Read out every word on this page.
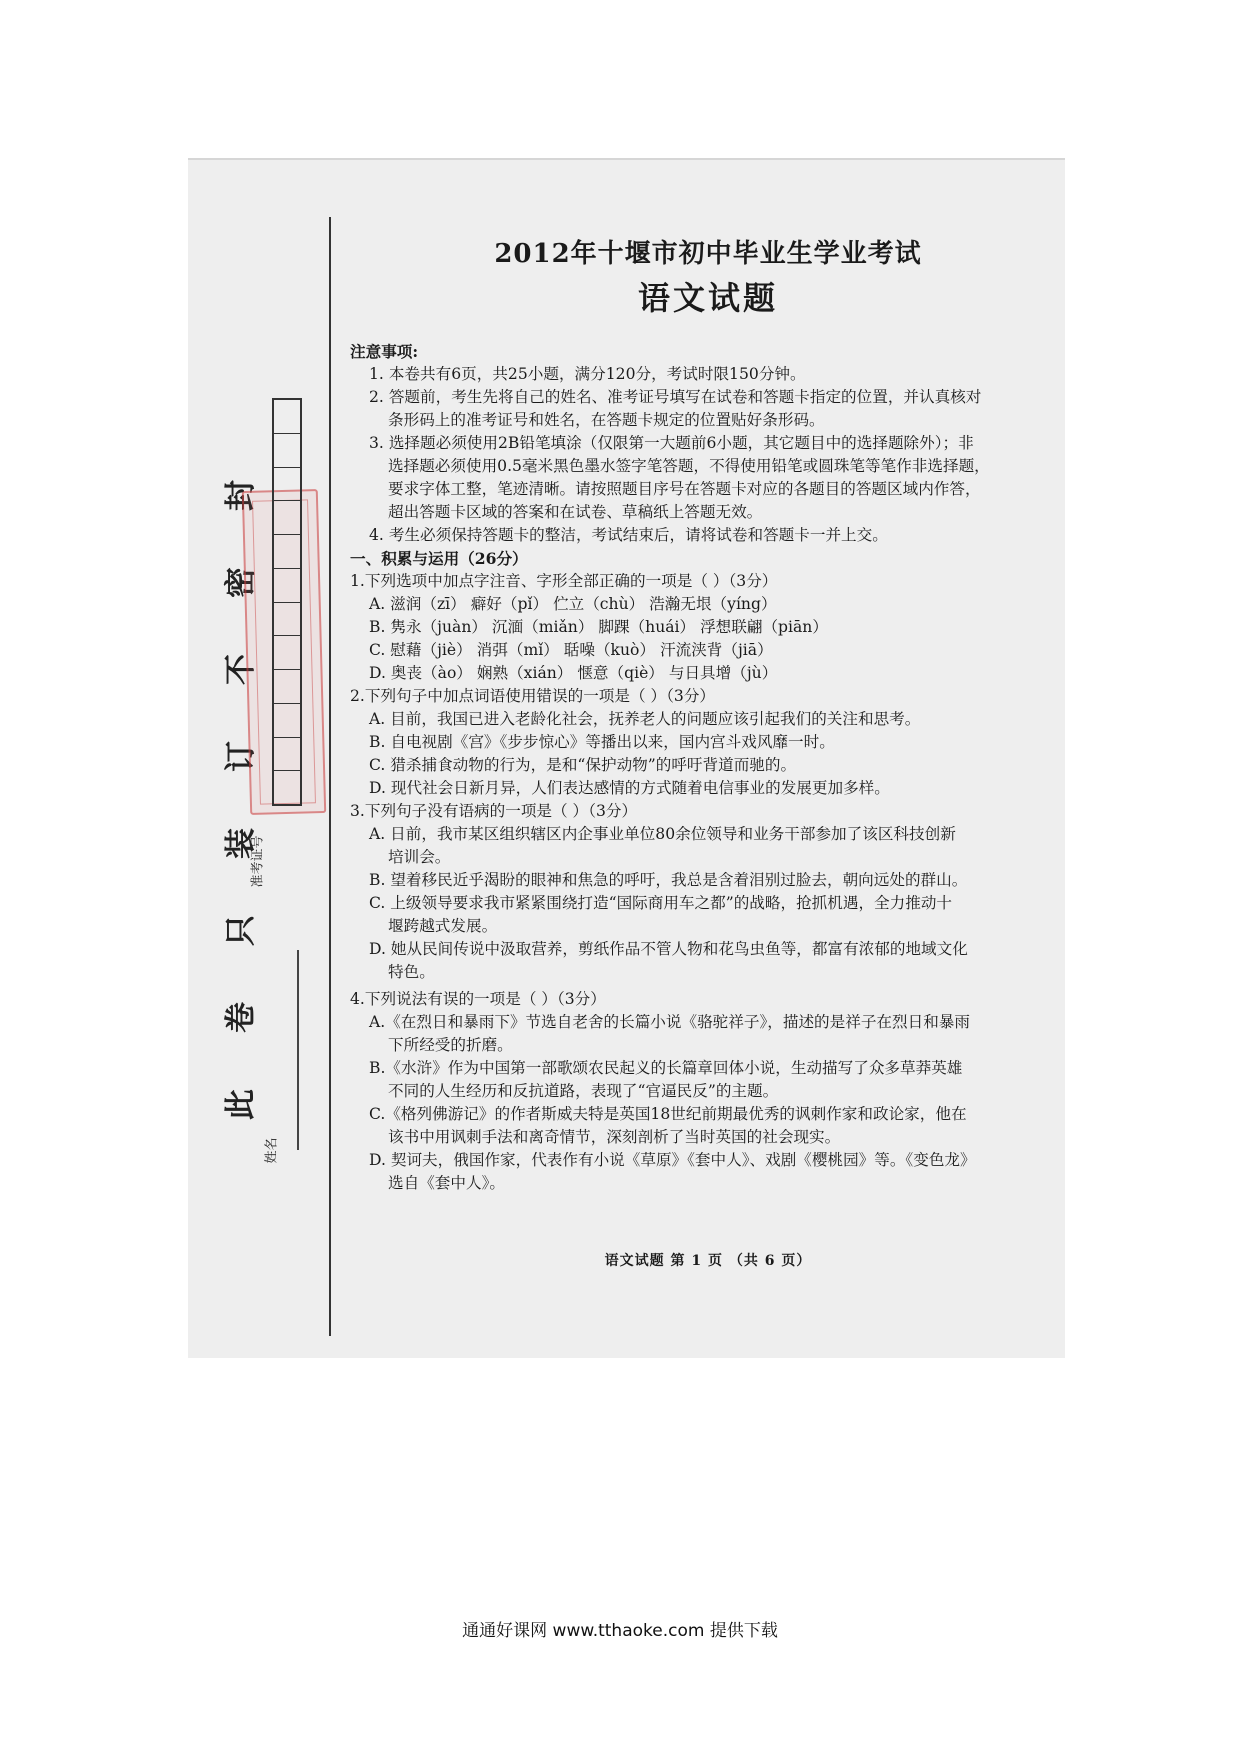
封
密
不
订
装
只
卷
此
准考证号
姓名
2012年十堰市初中毕业生学业考试
语文试题
注意事项:
1. 本卷共有6页，共25小题，满分120分，考试时限150分钟。
2. 答题前，考生先将自己的姓名、准考证号填写在试卷和答题卡指定的位置，并认真核对
条形码上的准考证号和姓名，在答题卡规定的位置贴好条形码。
3. 选择题必须使用2B铅笔填涂（仅限第一大题前6小题，其它题目中的选择题除外）；非
选择题必须使用0.5毫米黑色墨水签字笔答题，不得使用铅笔或圆珠笔等笔作非选择题，
要求字体工整，笔迹清晰。请按照题目序号在答题卡对应的各题目的答题区域内作答，
超出答题卡区域的答案和在试卷、草稿纸上答题无效。
4. 考生必须保持答题卡的整洁，考试结束后，请将试卷和答题卡一并上交。
一、积累与运用（26分）
1.下列选项中加点字注音、字形全部正确的一项是（ ）（3分）
A. 滋润（zī） 癖好（pǐ） 伫立（chù） 浩瀚无垠（yíng）
B. 隽永（juàn） 沉湎（miǎn） 脚踝（huái） 浮想联翩（piān）
C. 慰藉（jiè） 消弭（mǐ） 聒噪（kuò） 汗流浃背（jiā）
D. 奥丧（ào） 娴熟（xián） 惬意（qiè） 与日具增（jù）
2.下列句子中加点词语使用错误的一项是（ ）（3分）
A. 目前，我国已进入老龄化社会，抚养老人的问题应该引起我们的关注和思考。
B. 自电视剧《宫》《步步惊心》等播出以来，国内宫斗戏风靡一时。
C. 猎杀捕食动物的行为，是和“保护动物”的呼吁背道而驰的。
D. 现代社会日新月异，人们表达感情的方式随着电信事业的发展更加多样。
3.下列句子没有语病的一项是（ ）（3分）
A. 日前，我市某区组织辖区内企事业单位80余位领导和业务干部参加了该区科技创新
培训会。
B. 望着移民近乎渴盼的眼神和焦急的呼吁，我总是含着泪别过脸去，朝向远处的群山。
C. 上级领导要求我市紧紧围绕打造“国际商用车之都”的战略，抢抓机遇，全力推动十
堰跨越式发展。
D. 她从民间传说中汲取营养，剪纸作品不管人物和花鸟虫鱼等，都富有浓郁的地域文化
特色。
4.下列说法有误的一项是（ ）（3分）
A.《在烈日和暴雨下》节选自老舍的长篇小说《骆驼祥子》，描述的是祥子在烈日和暴雨
下所经受的折磨。
B.《水浒》作为中国第一部歌颂农民起义的长篇章回体小说，生动描写了众多草莽英雄
不同的人生经历和反抗道路，表现了“官逼民反”的主题。
C.《格列佛游记》的作者斯威夫特是英国18世纪前期最优秀的讽刺作家和政论家，他在
该书中用讽刺手法和离奇情节，深刻剖析了当时英国的社会现实。
D. 契诃夫，俄国作家，代表作有小说《草原》《套中人》、戏剧《樱桃园》等。《变色龙》
选自《套中人》。
语文试题 第 1 页 （共 6 页）
通通好课网 www.tthaoke.com 提供下载
